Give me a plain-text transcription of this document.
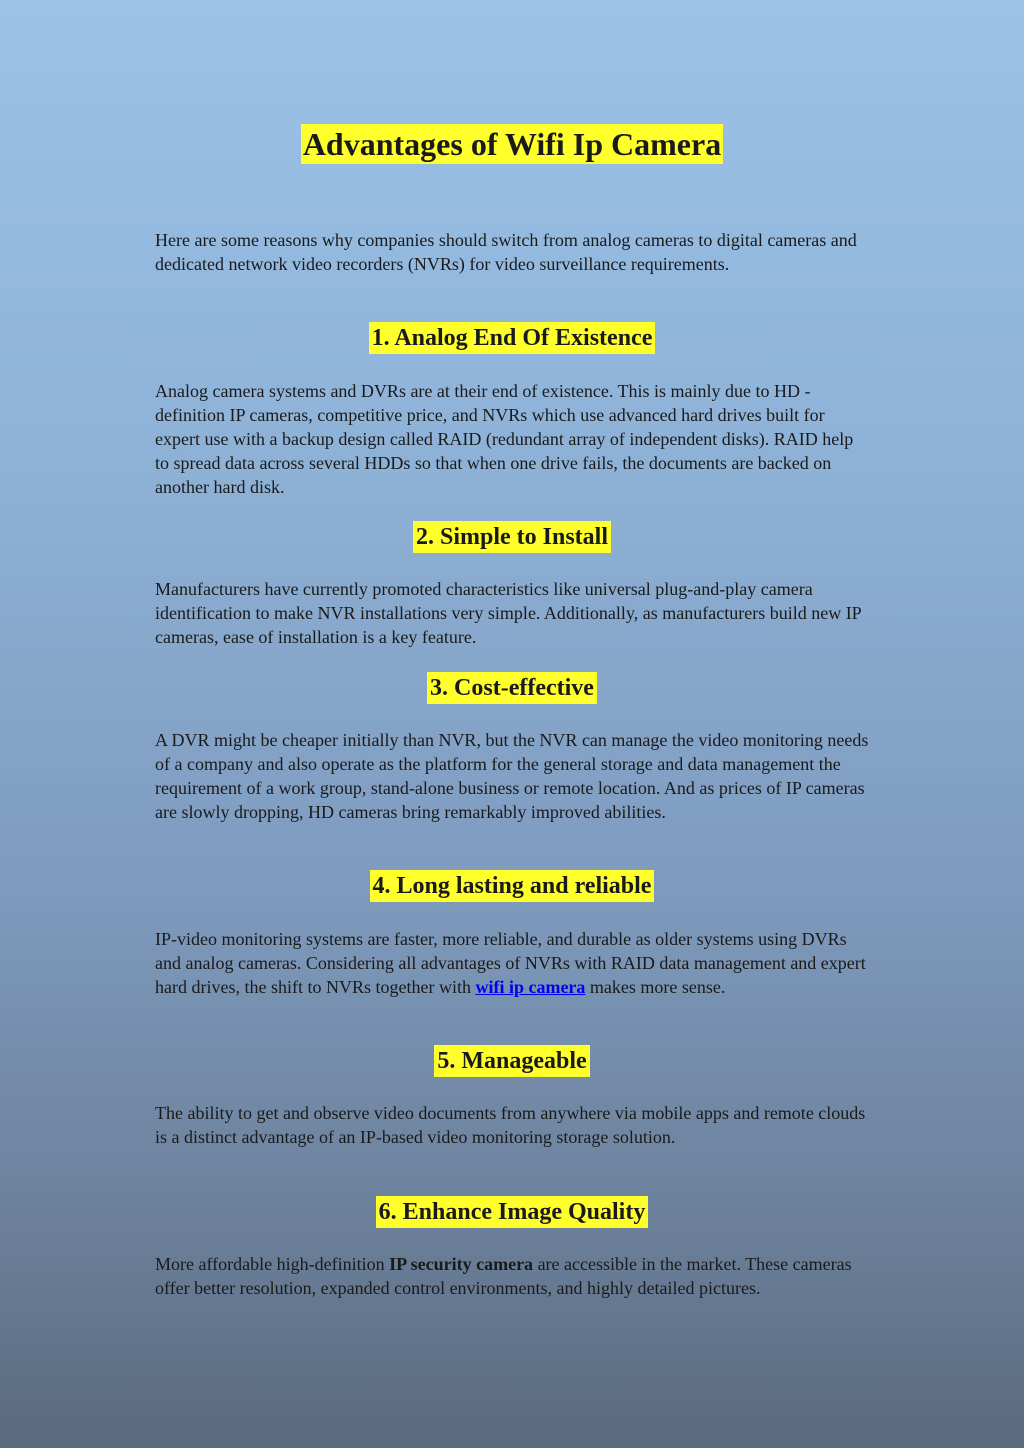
Advantages of Wifi Ip Camera

Here are some reasons why companies should switch from analog cameras to digital cameras and dedicated network video recorders (NVRs) for video surveillance requirements.

1. Analog End Of Existence

Analog camera systems and DVRs are at their end of existence. This is mainly due to HD -definition IP cameras, competitive price, and NVRs which use advanced hard drives built for expert use with a backup design called RAID (redundant array of independent disks). RAID help to spread data across several HDDs so that when one drive fails, the documents are backed on another hard disk.

2. Simple to Install

Manufacturers have currently promoted characteristics like universal plug-and-play camera identification to make NVR installations very simple. Additionally, as manufacturers build new IP cameras, ease of installation is a key feature.

3. Cost-effective

A DVR might be cheaper initially than NVR, but the NVR can manage the video monitoring needs of a company and also operate as the platform for the general storage and data management the requirement of a work group, stand-alone business or remote location. And as prices of IP cameras are slowly dropping, HD cameras bring remarkably improved abilities.

4. Long lasting and reliable

IP-video monitoring systems are faster, more reliable, and durable as older systems using DVRs and analog cameras. Considering all advantages of NVRs with RAID data management and expert hard drives, the shift to NVRs together with wifi ip camera makes more sense.

5. Manageable

The ability to get and observe video documents from anywhere via mobile apps and remote clouds is a distinct advantage of an IP-based video monitoring storage solution.

6. Enhance Image Quality

More affordable high-definition IP security camera are accessible in the market. These cameras offer better resolution, expanded control environments, and highly detailed pictures.
